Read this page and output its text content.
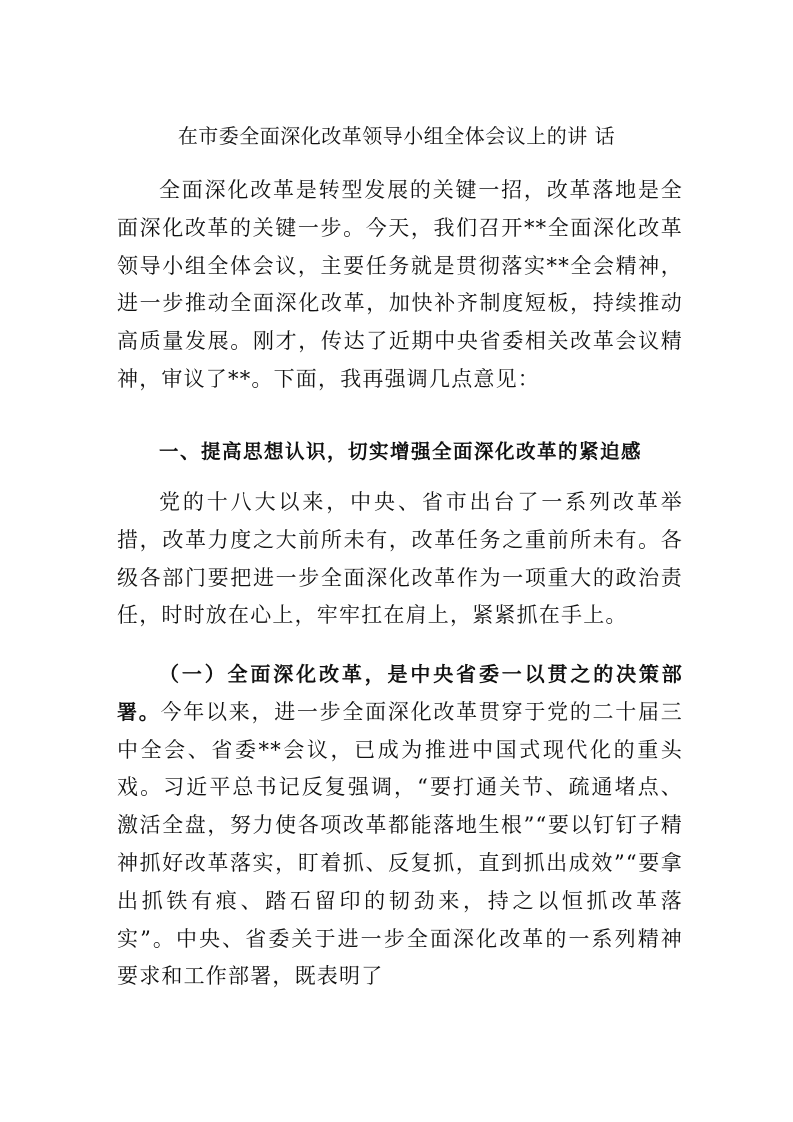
在市委全面深化改革领导小组全体会议上的讲 话
全面深化改革是转型发展的关键一招，改革落地是全面深化改革的关键一步。今天，我们召开**全面深化改革领导小组全体会议，主要任务就是贯彻落实**全会精神，进一步推动全面深化改革，加快补齐制度短板，持续推动高质量发展。刚才，传达了近期中央省委相关改革会议精神，审议了**。下面，我再强调几点意见：
一、提高思想认识，切实增强全面深化改革的紧迫感
党的十八大以来，中央、省市出台了一系列改革举措，改革力度之大前所未有，改革任务之重前所未有。各级各部门要把进一步全面深化改革作为一项重大的政治责任，时时放在心上，牢牢扛在肩上，紧紧抓在手上。
（一）全面深化改革，是中央省委一以贯之的决策部署。今年以来，进一步全面深化改革贯穿于党的二十届三中全会、省委**会议，已成为推进中国式现代化的重头戏。习近平总书记反复强调，“要打通关节、疏通堵点、激活全盘，努力使各项改革都能落地生根”“要以钉钉子精神抓好改革落实，盯着抓、反复抓，直到抓出成效”“要拿出抓铁有痕、踏石留印的韧劲来，持之以恒抓改革落实”。中央、省委关于进一步全面深化改革的一系列精神要求和工作部署，既表明了
